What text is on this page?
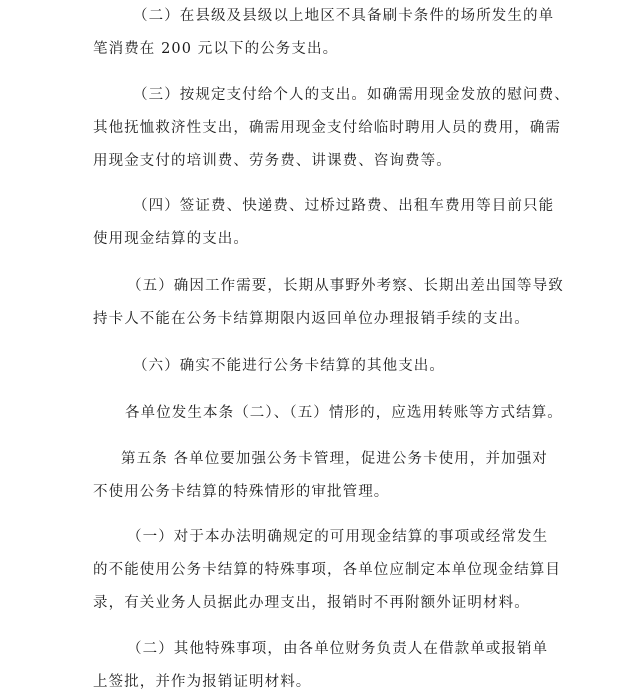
（二）在县级及县级以上地区不具备刷卡条件的场所发生的单
笔消费在 200 元以下的公务支出。
（三）按规定支付给个人的支出。如确需用现金发放的慰问费、
其他抚恤救济性支出，确需用现金支付给临时聘用人员的费用，确需
用现金支付的培训费、劳务费、讲课费、咨询费等。
（四）签证费、快递费、过桥过路费、出租车费用等目前只能
使用现金结算的支出。
（五）确因工作需要，长期从事野外考察、长期出差出国等导致
持卡人不能在公务卡结算期限内返回单位办理报销手续的支出。
（六）确实不能进行公务卡结算的其他支出。
各单位发生本条（二）、（五）情形的，应选用转账等方式结算。
第五条 各单位要加强公务卡管理，促进公务卡使用，并加强对
不使用公务卡结算的特殊情形的审批管理。
（一）对于本办法明确规定的可用现金结算的事项或经常发生
的不能使用公务卡结算的特殊事项，各单位应制定本单位现金结算目
录，有关业务人员据此办理支出，报销时不再附额外证明材料。
（二）其他特殊事项，由各单位财务负责人在借款单或报销单
上签批，并作为报销证明材料。
